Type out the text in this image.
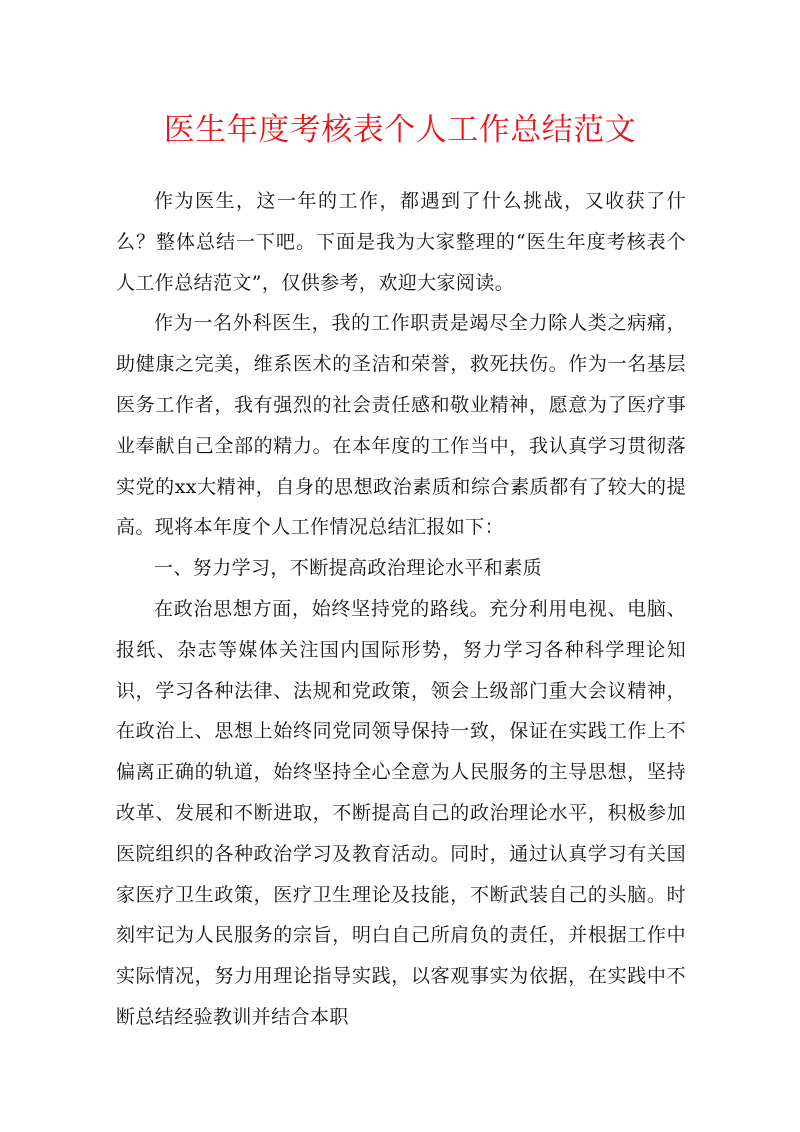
医生年度考核表个人工作总结范文

作为医生，这一年的工作，都遇到了什么挑战，又收获了什么？整体总结一下吧。下面是我为大家整理的“医生年度考核表个人工作总结范文”，仅供参考，欢迎大家阅读。

作为一名外科医生，我的工作职责是竭尽全力除人类之病痛，助健康之完美，维系医术的圣洁和荣誉，救死扶伤。作为一名基层医务工作者，我有强烈的社会责任感和敬业精神，愿意为了医疗事业奉献自己全部的精力。在本年度的工作当中，我认真学习贯彻落实党的xx大精神，自身的思想政治素质和综合素质都有了较大的提高。现将本年度个人工作情况总结汇报如下：

一、努力学习，不断提高政治理论水平和素质

在政治思想方面，始终坚持党的路线。充分利用电视、电脑、报纸、杂志等媒体关注国内国际形势，努力学习各种科学理论知识，学习各种法律、法规和党政策，领会上级部门重大会议精神，在政治上、思想上始终同党同领导保持一致，保证在实践工作上不偏离正确的轨道，始终坚持全心全意为人民服务的主导思想，坚持改革、发展和不断进取，不断提高自己的政治理论水平，积极参加医院组织的各种政治学习及教育活动。同时，通过认真学习有关国家医疗卫生政策，医疗卫生理论及技能，不断武装自己的头脑。时刻牢记为人民服务的宗旨，明白自己所肩负的责任，并根据工作中实际情况，努力用理论指导实践，以客观事实为依据，在实践中不断总结经验教训并结合本职
